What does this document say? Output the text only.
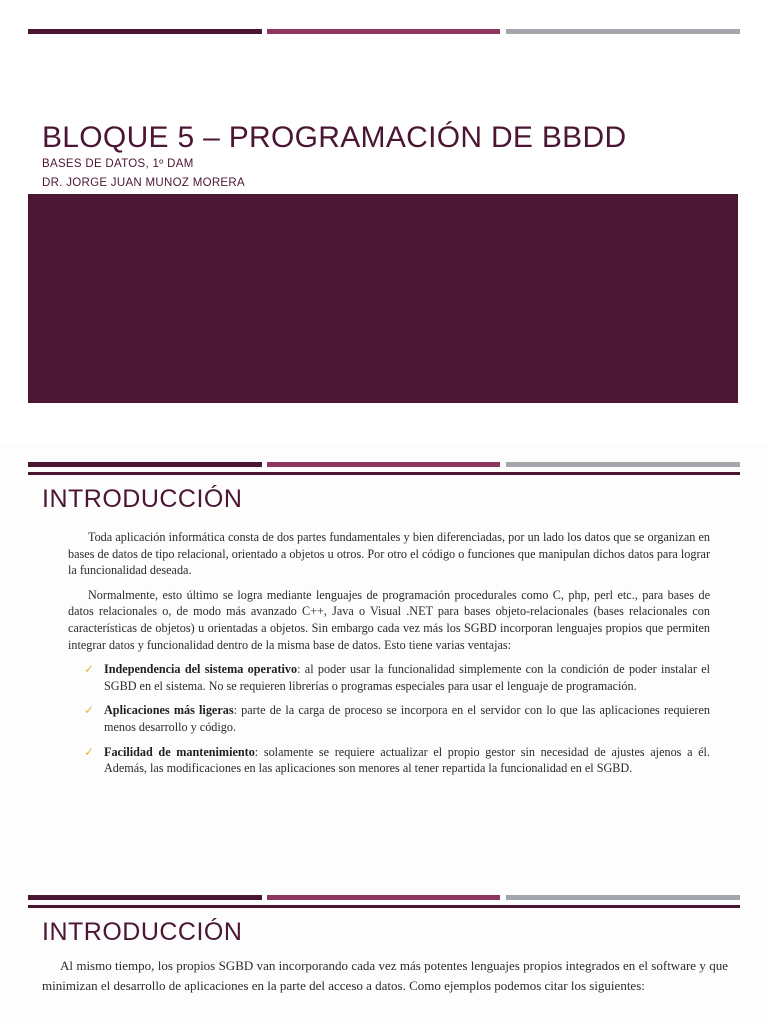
BLOQUE 5 – PROGRAMACIÓN DE BBDD
BASES DE DATOS, 1º DAM
DR. JORGE JUAN MUNOZ MORERA
INTRODUCCIÓN

Toda aplicación informática consta de dos partes fundamentales y bien diferenciadas, por un lado los datos que se organizan en bases de datos de tipo relacional, orientado a objetos u otros. Por otro el código o funciones que manipulan dichos datos para lograr la funcionalidad deseada.

Normalmente, esto último se logra mediante lenguajes de programación procedurales como C, php, perl etc., para bases de datos relacionales o, de modo más avanzado C++, Java o Visual .NET para bases objeto-relacionales (bases relacionales con características de objetos) u orientadas a objetos. Sin embargo cada vez más los SGBD incorporan lenguajes propios que permiten integrar datos y funcionalidad dentro de la misma base de datos. Esto tiene varias ventajas:

✓ Independencia del sistema operativo: al poder usar la funcionalidad simplemente con la condición de poder instalar el SGBD en el sistema. No se requieren librerías o programas especiales para usar el lenguaje de programación.
✓ Aplicaciones más ligeras: parte de la carga de proceso se incorpora en el servidor con lo que las aplicaciones requieren menos desarrollo y código.
✓ Facilidad de mantenimiento: solamente se requiere actualizar el propio gestor sin necesidad de ajustes ajenos a él. Además, las modificaciones en las aplicaciones son menores al tener repartida la funcionalidad en el SGBD.
INTRODUCCIÓN

Al mismo tiempo, los propios SGBD van incorporando cada vez más potentes lenguajes propios integrados en el software y que minimizan el desarrollo de aplicaciones en la parte del acceso a datos. Como ejemplos podemos citar los siguientes:
